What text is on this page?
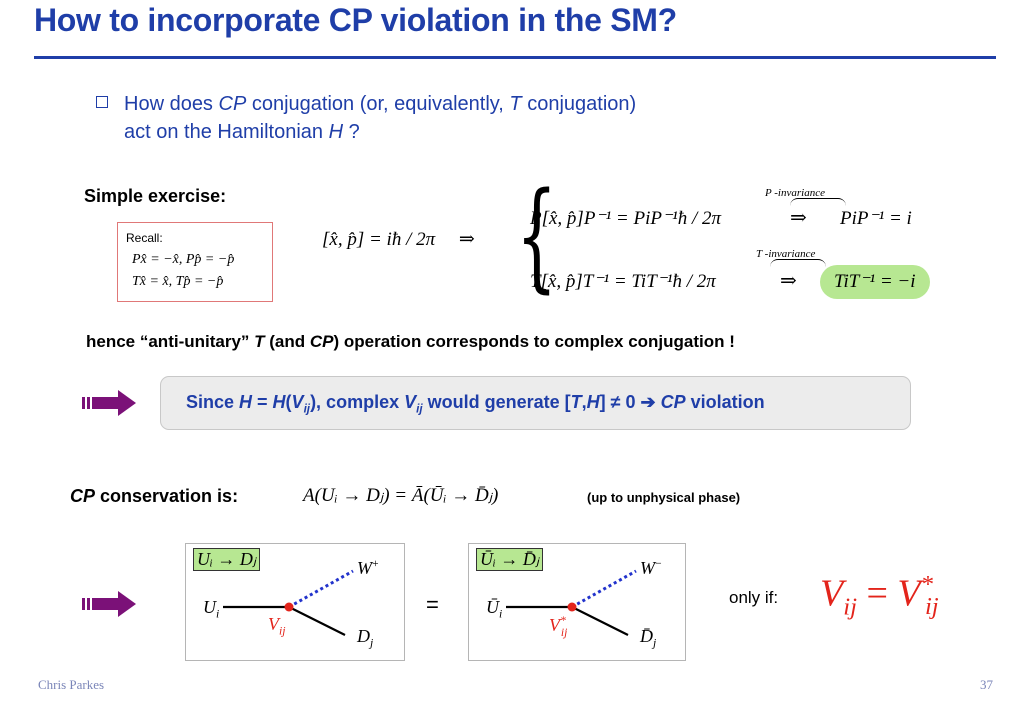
How to incorporate CP violation in the SM?
How does CP conjugation (or, equivalently, T conjugation)
act on the Hamiltonian H ?
Simple exercise:
Recall:
Px̂ = −x̂, Pp̂ = −p̂
Tx̂ = x̂, Tp̂ = −p̂
[x̂, p̂] = iħ / 2π ⇒ {
P[x̂, p̂]P⁻¹ = PiP⁻¹ħ / 2π
T[x̂, p̂]T⁻¹ = TiT⁻¹ħ / 2π
P -invariance
⇒ PiP⁻¹ = i
T -invariance
⇒ TiT⁻¹ = −i
hence “anti-unitary” T (and CP) operation corresponds to complex conjugation !
Since $H = H(V_{ij})$, complex $V_{ij}$ would generate [T,H] ≠ 0 ➔ CP violation
CP conservation is:	A(Uᵢ → Dⱼ) = Ā(Ūᵢ → D̄ⱼ)	(up to unphysical phase)
Uᵢ → Dⱼ
$U_i$
W+
$V_{ij}$	$D_j$
=
Ūᵢ → D̄ⱼ
$Ū_i$
W−
$V^*_{ij}$	$D̄_j$
only if: $V_{ij} = V^*_{ij}$
Chris Parkes	37
